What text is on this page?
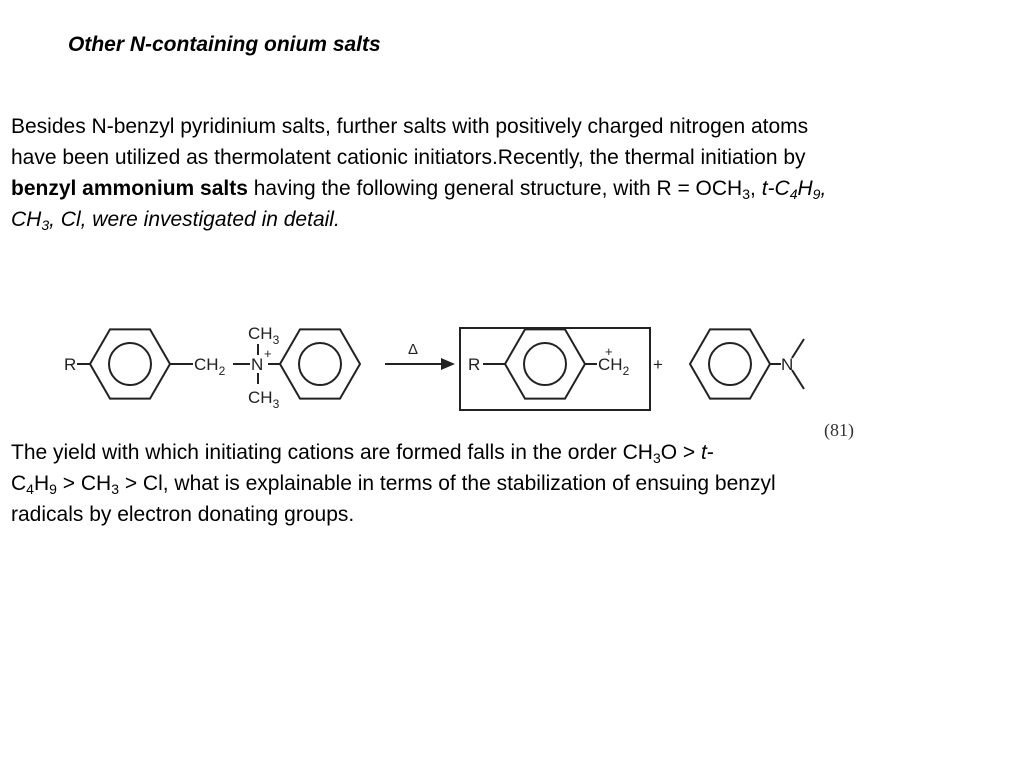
Other N-containing onium salts

Besides N-benzyl pyridinium salts, further salts with positively charged nitrogen atoms
have been utilized as thermolatent cationic initiators.Recently, the thermal initiation by
benzyl ammonium salts having the following general structure, with $R = OCH_3$, $t-C_4H_9$,
$CH_3$, Cl, were investigated in detail.

R	$CH_2$ N
+
$CH_3$
$CH_3$
Δ
R	$CH_2$
+
+	N
(81)

The yield with which initiating cations are formed falls in the order $CH_3O > t-$
$C_4H_9 > CH_3 > Cl$, what is explainable in terms of the stabilization of ensuing benzyl
radicals by electron donating groups.
